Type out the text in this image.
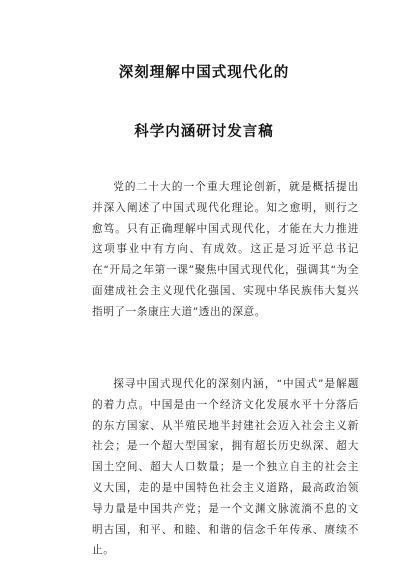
深刻理解中国式现代化的
科学内涵研讨发言稿

党的二十大的一个重大理论创新，就是概括提出并深入阐述了中国式现代化理论。知之愈明，则行之愈笃。只有正确理解中国式现代化，才能在大力推进这项事业中有方向、有成效。这正是习近平总书记在“开局之年第一课”聚焦中国式现代化，强调其“为全面建成社会主义现代化强国、实现中华民族伟大复兴指明了一条康庄大道”透出的深意。

探寻中国式现代化的深刻内涵，“中国式”是解题的着力点。中国是由一个经济文化发展水平十分落后的东方国家、从半殖民地半封建社会迈入社会主义新社会；是一个超大型国家，拥有超长历史纵深、超大国土空间、超大人口数量；是一个独立自主的社会主义大国，走的是中国特色社会主义道路，最高政治领导力量是中国共产党；是一个文渊文脉流淌不息的文明古国，和平、和睦、和谐的信念千年传承、赓续不止。
